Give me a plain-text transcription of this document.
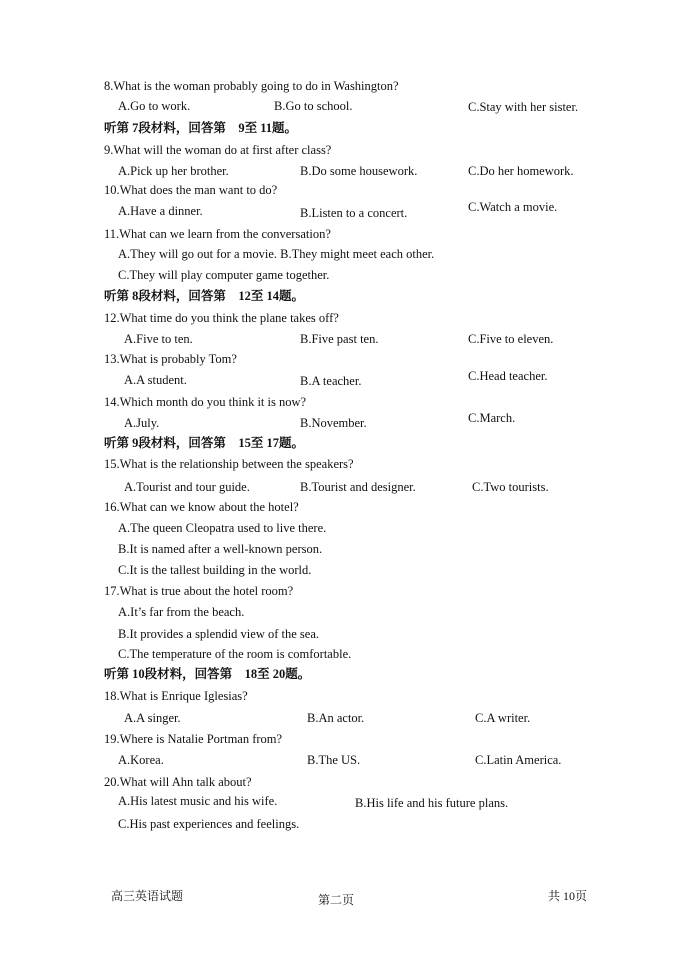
8.What is the woman probably going to do in Washington?
A.Go to work.	B.Go to school.	C.Stay with her sister.
听第 7段材料，回答第　9至 11题。
9.What will the woman do at first after class?
A.Pick up her brother.	B.Do some housework.	C.Do her homework.
10.What does the man want to do?
A.Have a dinner.	B.Listen to a concert.	C.Watch a movie.
11.What can we learn from the conversation?
A.They will go out for a movie. B.They might meet each other.
C.They will play computer game together.
听第 8段材料，回答第　12至 14题。
12.What time do you think the plane takes off?
A.Five to ten.	B.Five past ten.	C.Five to eleven.
13.What is probably Tom?
A.A student.	B.A teacher.	C.Head teacher.
14.Which month do you think it is now?
A.July.	B.November.	C.March.
听第 9段材料，回答第　15至 17题。
15.What is the relationship between the speakers?
A.Tourist and tour guide.	B.Tourist and designer.	C.Two tourists.
16.What can we know about the hotel?
A.The queen Cleopatra used to live there.
B.It is named after a well-known person.
C.It is the tallest building in the world.
17.What is true about the hotel room?
A.It’s far from the beach.
B.It provides a splendid view of the sea.
C.The temperature of the room is comfortable.
听第 10段材料，回答第　18至 20题。
18.What is Enrique Iglesias?
A.A singer.	B.An actor.	C.A writer.
19.Where is Natalie Portman from?
A.Korea.	B.The US.	C.Latin America.
20.What will Ahn talk about?
A.His latest music and his wife.	B.His life and his future plans.
C.His past experiences and feelings.
高三英语试题	第二页	共 10页
